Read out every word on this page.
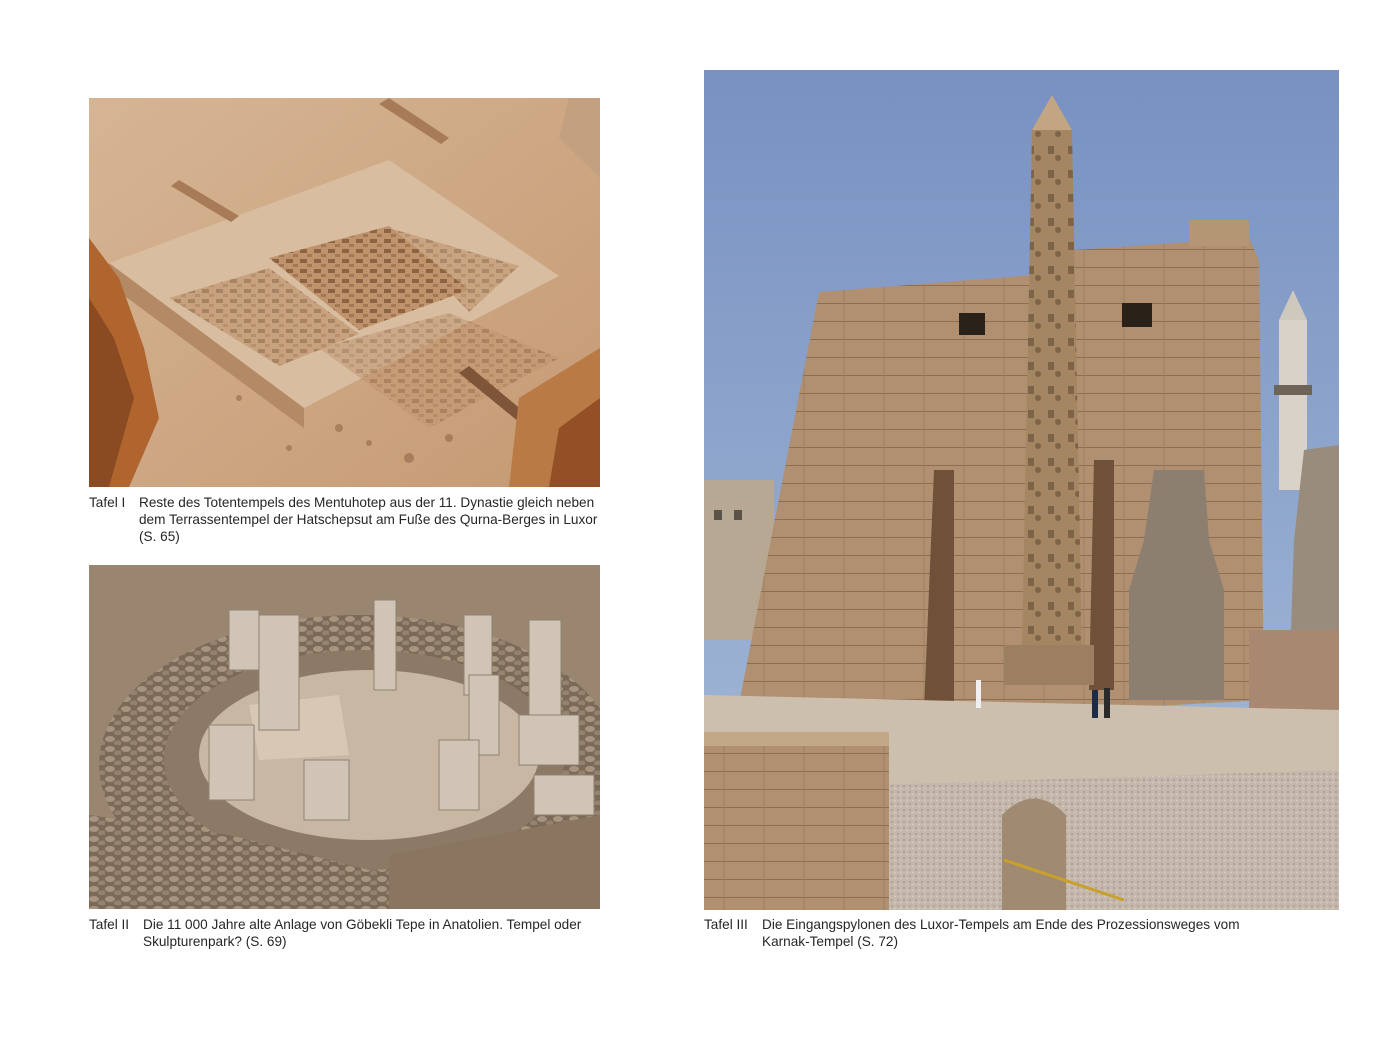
Tafel I	Reste des Totentempels des Mentuhotep aus der 11. Dynastie gleich neben dem Terrassentempel der Hatschepsut am Fuße des Qurna-Berges in Luxor (S. 65)
Tafel II	Die 11 000 Jahre alte Anlage von Göbekli Tepe in Anatolien. Tempel oder Skulpturenpark? (S. 69)
Tafel III	Die Eingangspylonen des Luxor-Tempels am Ende des Prozessionsweges vom Karnak-Tempel (S. 72)
